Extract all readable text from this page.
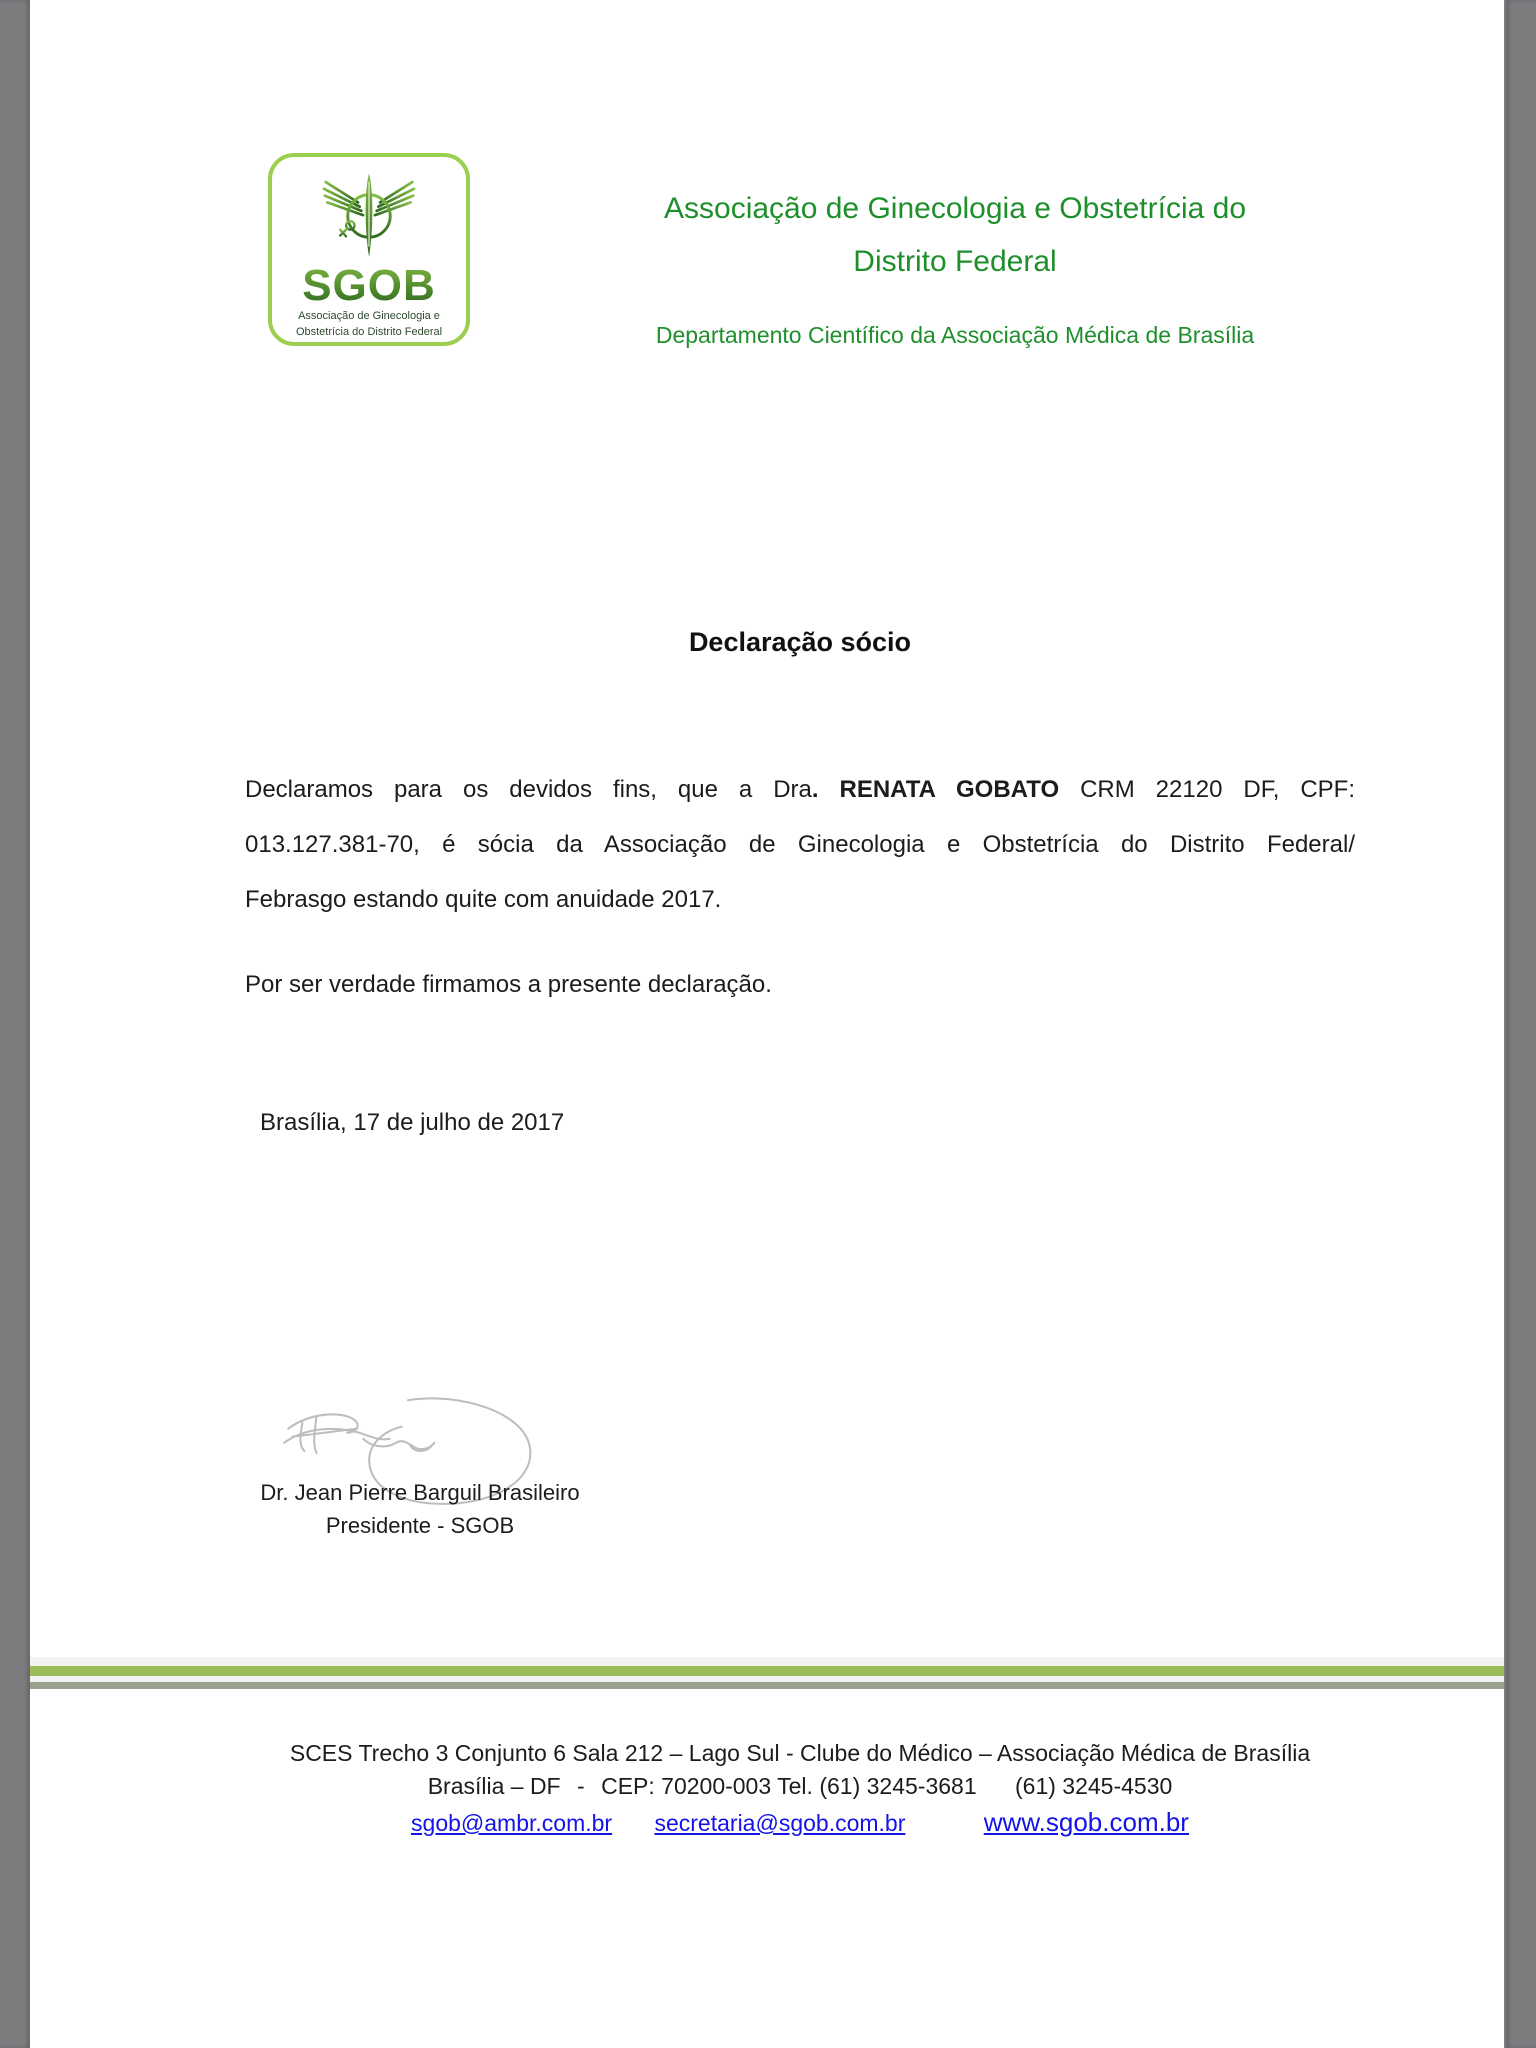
SGOB
Associação de Ginecologia e
Obstetrícia do Distrito Federal
Associação de Ginecologia e Obstetrícia do
Distrito Federal
Departamento Científico da Associação Médica de Brasília
Declaração sócio
Declaramos para os devidos fins, que a Dra. RENATA GOBATO CRM 22120 DF, CPF:
013.127.381-70, é sócia da Associação de Ginecologia e Obstetrícia do Distrito Federal/
Febrasgo estando quite com anuidade 2017.
Por ser verdade firmamos a presente declaração.
Brasília, 17 de julho de 2017
Dr. Jean Pierre Barguil Brasileiro
Presidente - SGOB
SCES Trecho 3 Conjunto 6 Sala 212 – Lago Sul - Clube do Médico – Associação Médica de Brasília
Brasília – DF - CEP: 70200-003 Tel. (61) 3245-3681 (61) 3245-4530
sgob@ambr.com.br secretaria@sgob.com.br	www.sgob.com.br
